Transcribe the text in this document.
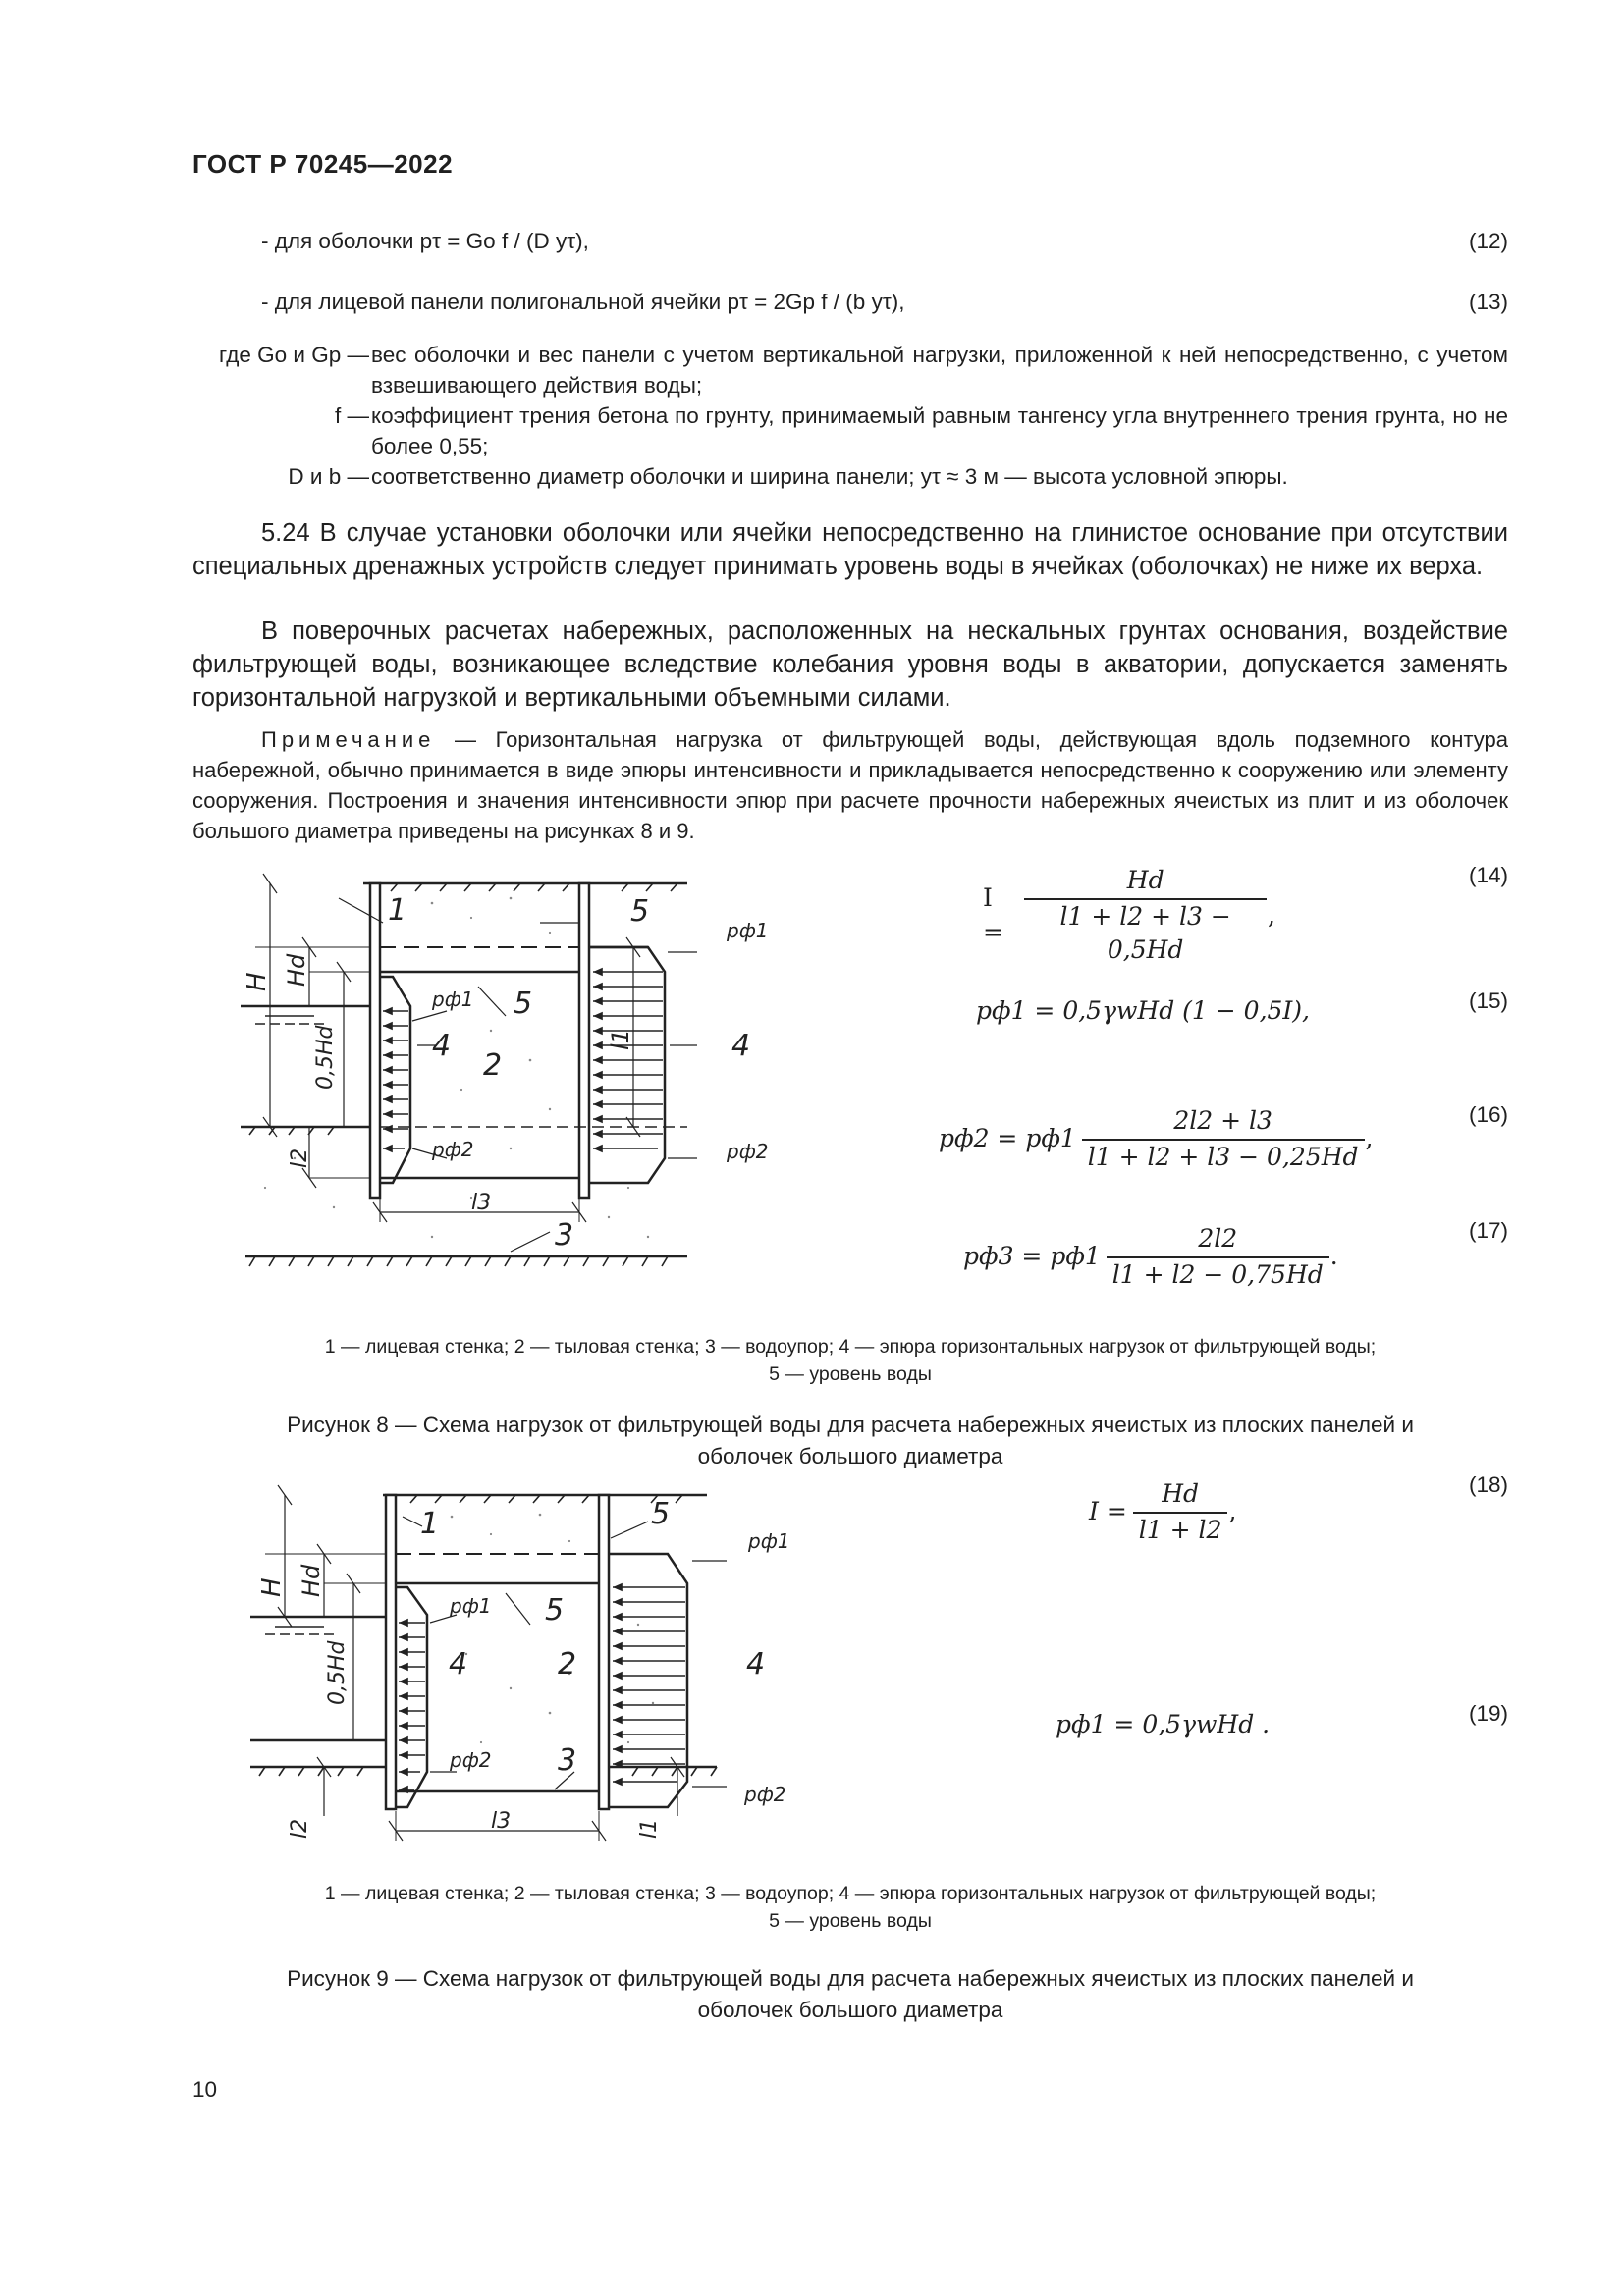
ГОСТ Р 70245—2022
- для оболочки pτ = Gо f / (D yτ),	(12)
- для лицевой панели полигональной ячейки pτ = 2Gр f / (b yτ),	(13)
где Gо и Gр — вес оболочки и вес панели с учетом вертикальной нагрузки, приложенной к ней непосредственно, с учетом взвешивающего действия воды;
f — коэффициент трения бетона по грунту, принимаемый равным тангенсу угла внутреннего трения грунта, но не более 0,55;
D и b — соответственно диаметр оболочки и ширина панели; yτ ≈ 3 м — высота условной эпюры.

5.24 В случае установки оболочки или ячейки непосредственно на глинистое основание при отсутствии специальных дренажных устройств следует принимать уровень воды в ячейках (оболочках) не ниже их верха.

В поверочных расчетах набережных, расположенных на нескальных грунтах основания, воздействие фильтрующей воды, возникающее вследствие колебания уровня воды в акватории, допускается заменять горизонтальной нагрузкой и вертикальными объемными силами.

Примечание — Горизонтальная нагрузка от фильтрующей воды, действующая вдоль подземного контура набережной, обычно принимается в виде эпюры интенсивности и прикладывается непосредственно к сооружению или элементу сооружения. Построения и значения интенсивности эпюр при расчете прочности набережных ячеистых из плит и из оболочек большого диаметра приведены на рисунках 8 и 9.

1
2
3
4	4
5
5
H Hd
0,5Hd
l2
l1
l3
pф1
pф1
pф2	pф2
I =	Hd	,
l1 + l2 + l3 − 0,5Hd
(14)
pф1 = 0,5γwHd (1 − 0,5I),	(15)
pф2 = pф1	2l2 + l3	,
l1 + l2 + l3 − 0,25Hd
(16)
pф3 = pф1	2l2	.
l1 + l2 − 0,75Hd
(17)
1 — лицевая стенка; 2 — тыловая стенка; 3 — водоупор; 4 — эпюра горизонтальных нагрузок от фильтрующей воды;
5 — уровень воды
Рисунок 8 — Схема нагрузок от фильтрующей воды для расчета набережных ячеистых из плоских панелей и
оболочек большого диаметра
1
2
3
4	4
5
5
H Hd
0,5Hd
l2	l1
l3
pф1
pф1
pф2
pф2
I =	Hd	,
l1 + l2
(18)
pф1 = 0,5γwHd .	(19)
1 — лицевая стенка; 2 — тыловая стенка; 3 — водоупор; 4 — эпюра горизонтальных нагрузок от фильтрующей воды;
5 — уровень воды
Рисунок 9 — Схема нагрузок от фильтрующей воды для расчета набережных ячеистых из плоских панелей и
оболочек большого диаметра
10
